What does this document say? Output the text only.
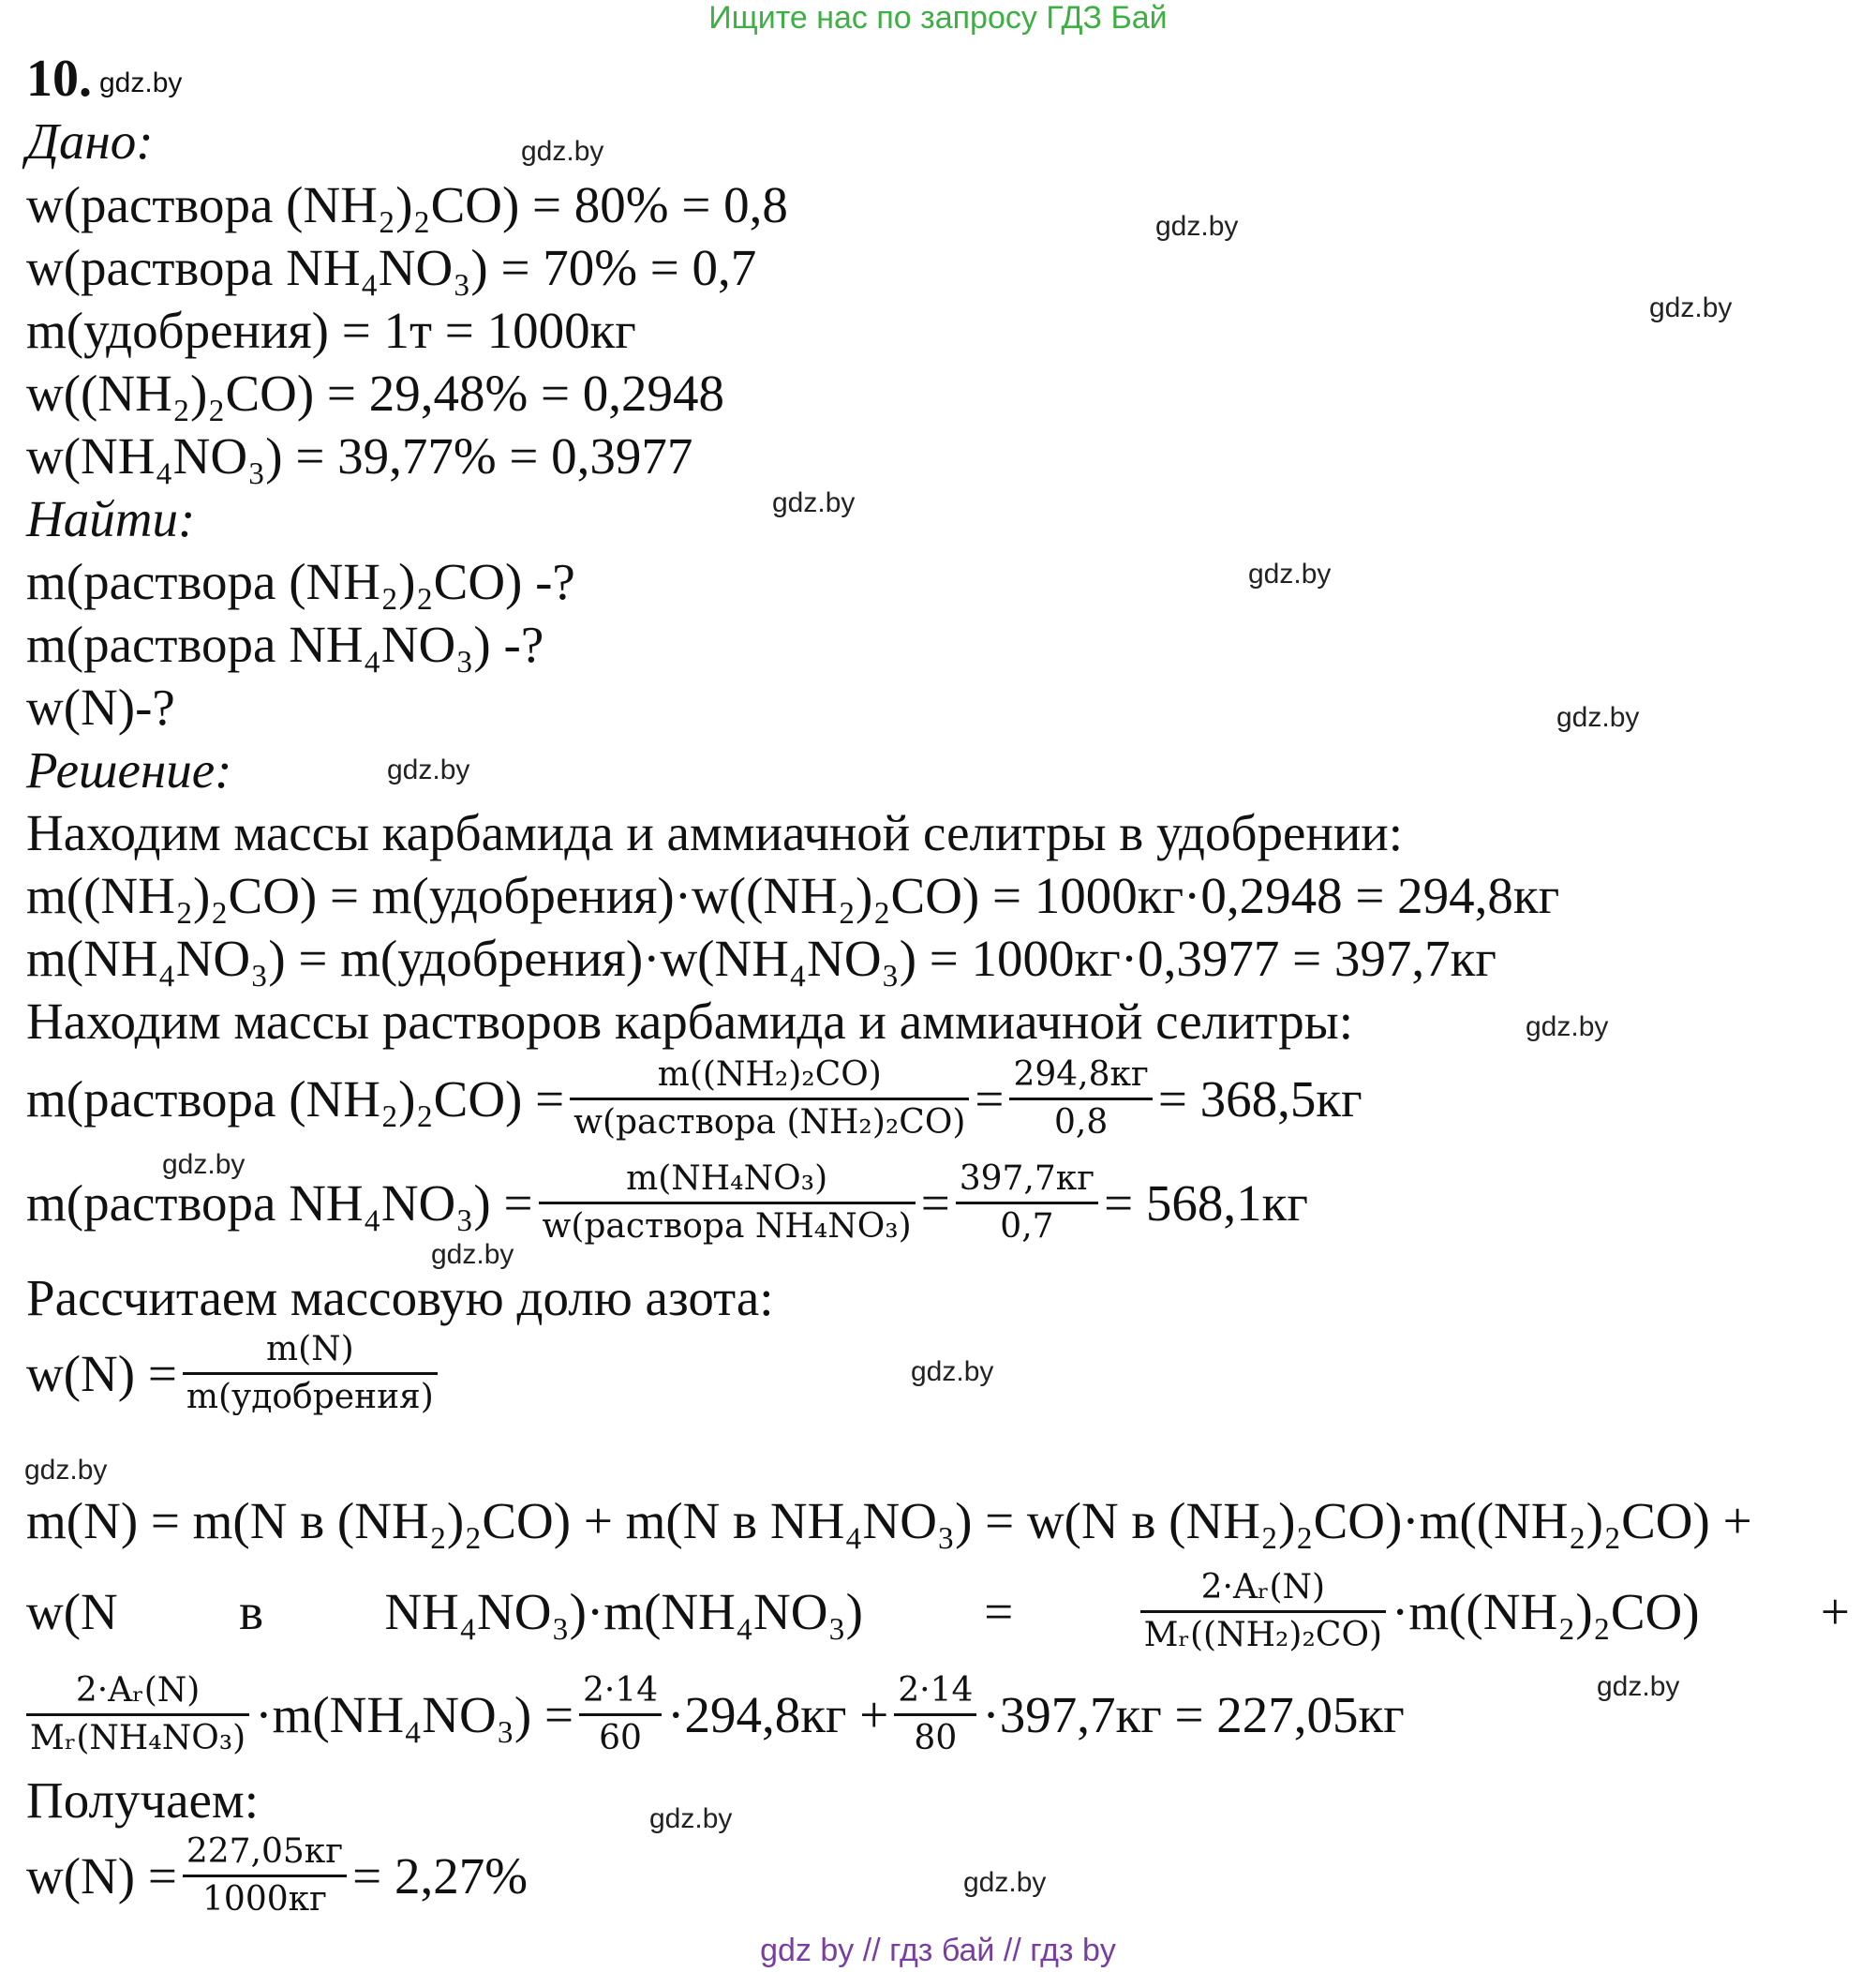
Ищите нас по запросу ГДЗ Бай
10. gdz.by
Дано:
w(раствора (NH₂)₂CO) = 80% = 0,8
w(раствора NH₄NO₃) = 70% = 0,7
m(удобрения) = 1т = 1000кг
w((NH₂)₂CO) = 29,48% = 0,2948
w(NH₄NO₃) = 39,77% = 0,3977
Найти:
m(раствора (NH₂)₂CO) -?
m(раствора NH₄NO₃) -?
w(N)-?
Решение:
Находим массы карбамида и аммиачной селитры в удобрении:
m((NH₂)₂CO) = m(удобрения)·w((NH₂)₂CO) = 1000кг·0,2948 = 294,8кг
m(NH₄NO₃) = m(удобрения)·w(NH₄NO₃) = 1000кг·0,3977 = 397,7кг
Находим массы растворов карбамида и аммиачной селитры:
m(раствора $(NH_2)_2CO) = \frac{\text{m((NH₂)₂CO)}}{\text{w(раствора (NH₂)₂CO)}} = \frac{294,8кг}{0,8} = 368,5кг$
m(раствора $NH_4NO_3) = \frac{\text{m(NH₄NO₃)}}{\text{w(раствора NH₄NO₃)}} = \frac{397,7кг}{0,7} = 568,1кг$
Рассчитаем массовую долю азота:
$w(N) = \frac{m(N)}{\text{m(удобрения)}}$
m(N) = m(N в (NH₂)₂CO) + m(N в NH₄NO₃) = w(N в (NH₂)₂CO)·m((NH₂)₂CO) +
w(N в NH₄NO₃)·m(NH₄NO₃) =	$\frac{\text{2·Aᵣ(N)}}{\text{Mᵣ((NH₂)₂CO)}} \cdot m((NH_2)_2CO)$ +
$\frac{\text{2·Aᵣ(N)}}{\text{Mᵣ(NH₄NO₃)}} \cdot m(NH_4NO_3) = \frac{2\cdot 14}{60} \cdot 294,8кг + \frac{2\cdot 14}{80} \cdot 397,7кг = 227,05кг$
Получаем:
$w(N) = \frac{227,05кг}{1000кг} = 2,27\%$
gdz.by
gdz.by
gdz.by
gdz.by
gdz.by
gdz.by
gdz.by
gdz.by
gdz.by
gdz.by
gdz.by
gdz.by
gdz.by
gdz.by
gdz.by
gdz by // гдз бай // гдз by
